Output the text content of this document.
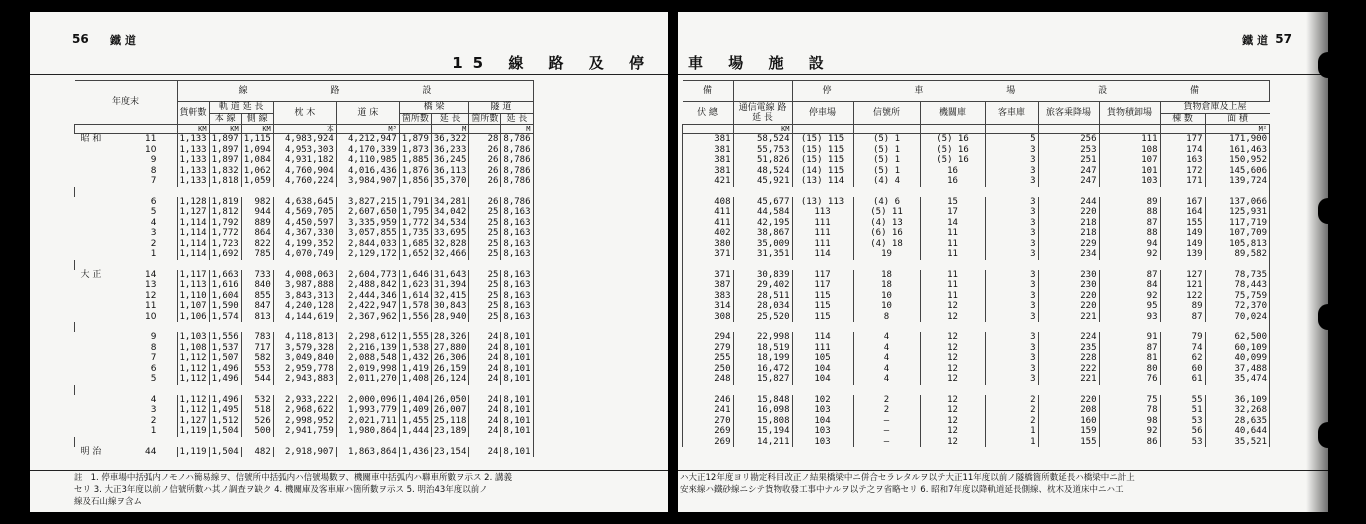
56 鐵 道
15 線 路 及 停
年度末	線 路 設								
	貨軒數	軌 道 延 長		枕 木	道 床	橋 梁		隧 道	
		本 線	側 線			箇所數	延 長	箇所數	延 長
	KM	KM	KM	本	M³		M		M
昭 和 11	1,133	1,897	1,115	4,983,924	4,212,947	1,879	36,322	28	8,786
10	1,133	1,897	1,094	4,953,303	4,170,339	1,873	36,233	26	8,786
9	1,133	1,897	1,084	4,931,182	4,110,985	1,885	36,245	26	8,786
8	1,133	1,832	1,062	4,760,904	4,016,436	1,876	36,113	26	8,786
7	1,133	1,818	1,059	4,760,224	3,984,907	1,856	35,370	26	8,786

6	1,128	1,819	982	4,638,645	3,827,215	1,791	34,281	26	8,786
5	1,127	1,812	944	4,569,705	2,607,650	1,795	34,042	25	8,163
4	1,114	1,792	889	4,450,597	3,335,959	1,772	34,534	25	8,163
3	1,114	1,772	864	4,367,330	3,057,855	1,735	33,695	25	8,163
2	1,114	1,723	822	4,199,352	2,844,033	1,685	32,828	25	8,163
1	1,114	1,692	785	4,070,749	2,129,172	1,652	32,466	25	8,163

大 正 14	1,117	1,663	733	4,008,063	2,604,773	1,646	31,643	25	8,163
13	1,113	1,616	840	3,987,888	2,488,842	1,623	31,394	25	8,163
12	1,110	1,604	855	3,843,313	2,444,346	1,614	32,415	25	8,163
11	1,107	1,590	847	4,240,128	2,422,947	1,578	30,843	25	8,163
10	1,106	1,574	813	4,144,619	2,367,962	1,556	28,940	25	8,163

9	1,103	1,556	783	4,118,813	2,298,612	1,555	28,326	24	8,101
8	1,108	1,537	717	3,579,328	2,216,139	1,538	27,880	24	8,101
7	1,112	1,507	582	3,049,840	2,088,548	1,432	26,306	24	8,101
6	1,112	1,496	553	2,959,778	2,019,998	1,419	26,159	24	8,101
5	1,112	1,496	544	2,943,883	2,011,270	1,408	26,124	24	8,101

4	1,112	1,496	532	2,933,222	2,000,096	1,404	26,050	24	8,101
3	1,112	1,495	518	2,968,622	1,993,779	1,409	26,007	24	8,101
2	1,127	1,512	526	2,998,952	2,021,711	1,455	25,118	24	8,101
1	1,119	1,504	500	2,941,759	1,980,864	1,444	23,189	24	8,101

明 治 44	1,119	1,504	482	2,918,907	1,863,864	1,436	23,154	24	8,101
註 1. 停車場中括弧内ノモノハ簡易線ヲ、信號所中括弧内ハ信號場數ヲ、機關車中括弧内ハ聯車所數ヲ示ス 2. 講義
セリ 3. 大正3年度以前ノ信號所數ハ其ノ調査ヲ缺ク 4. 機關庫及客車庫ハ箇所數ヲ示ス 5. 明治43年度以前ノ
線及石山線ヲ含ム
車 場 施 設
鐵 道 57
備		停 車 場 設 備							
伏 總	通信電線 路 延 長	停車場	信號所	機關庫	客車庫	旅客乘降場	貨物積卸場	貨物倉庫及上屋	
								棟 數	面 積
	KM								M²
381	58,524	(15) 115	(5) 1	(5) 16	5	256	111	177	171,900
381	55,753	(15) 115	(5) 1	(5) 16	3	253	108	174	161,463
381	51,826	(15) 115	(5) 1	(5) 16	3	251	107	163	150,952
381	48,524	(14) 115	(5) 1	16	3	247	101	172	145,606
421	45,921	(13) 114	(4) 4	16	3	247	103	171	139,724

408	45,677	(13) 113	(4) 6	15	3	244	89	167	137,066
411	44,584	113	(5) 11	17	3	220	88	164	125,931
411	42,195	111	(4) 13	14	3	218	87	155	117,719
402	38,867	111	(6) 16	11	3	218	88	149	107,709
380	35,009	111	(4) 18	11	3	229	94	149	105,813
371	31,351	114	19	11	3	234	92	139	89,582

371	30,839	117	18	11	3	230	87	127	78,735
387	29,402	117	18	11	3	230	84	121	78,443
383	28,511	115	10	11	3	220	92	122	75,759
314	28,034	115	10	12	3	220	95	89	72,370
308	25,520	115	8	12	3	221	93	87	70,024

294	22,998	114	4	12	3	224	91	79	62,500
279	18,519	111	4	12	3	235	87	74	60,109
255	18,199	105	4	12	3	228	81	62	40,099
250	16,472	104	4	12	3	222	80	60	37,488
248	15,827	104	4	12	3	221	76	61	35,474

246	15,848	102	2	12	2	220	75	55	36,109
241	16,098	103	2	12	2	208	78	51	32,268
270	15,808	104	—	12	2	160	98	53	28,635
269	15,194	103	—	12	1	159	92	56	40,644
269	14,211	103	—	12	1	155	86	53	35,521
ハ大正12年度ヨリ勘定科目改正ノ結果橋梁中ニ併合セラレタルヲ以テ大正11年度以前ノ隧橋箇所數延長ハ橋梁中ニ計上
安來線ハ鐵砂線ニシテ貨物收發工事中ナルヲ以テ之ヲ省略セリ 6. 昭和7年度以降軌道延長側線、枕木及道床中ニハ工
